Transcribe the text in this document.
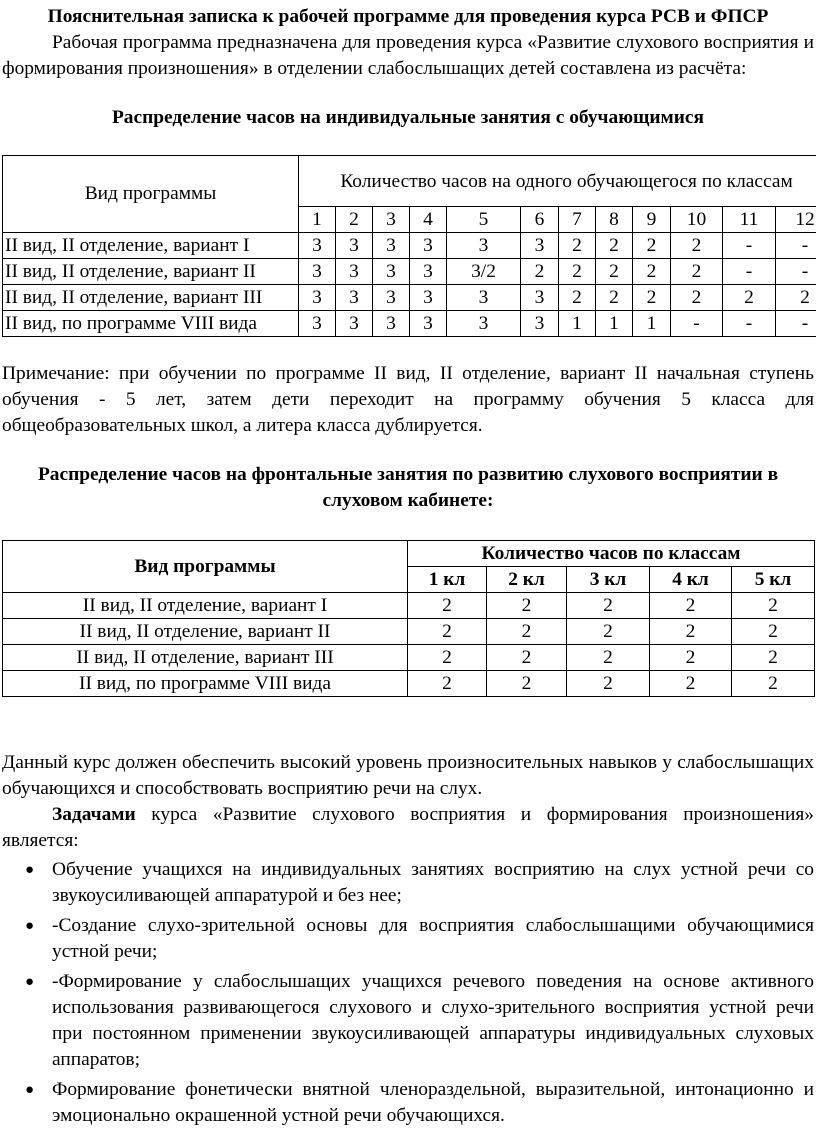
Пояснительная записка к рабочей программе для проведения курса РСВ и ФПСР

Рабочая программа предназначена для проведения курса «Развитие слухового восприятия и формирования произношения» в отделении слабослышащих детей составлена из расчёта:

Распределение часов на индивидуальные занятия с обучающимися

Вид программы	Количество часов на одного обучающегося по классам											
	1	2	3	4	5	6	7	8	9	10	11	12
II вид, II отделение, вариант I	3	3	3	3	3	3	2	2	2	2	-	-
II вид, II отделение, вариант II	3	3	3	3	3/2	2	2	2	2	2	-	-
II вид, II отделение, вариант III	3	3	3	3	3	3	2	2	2	2	2	2
II вид, по программе VIII вида	3	3	3	3	3	3	1	1	1	-	-	-

Примечание: при обучении по программе II вид, II отделение, вариант II начальная ступень обучения - 5 лет, затем дети переходит на программу обучения 5 класса для общеобразовательных школ, а литера класса дублируется.

Распределение часов на фронтальные занятия по развитию слухового восприятии в слуховом кабинете:

Вид программы	Количество часов по классам				
	1 кл	2 кл	3 кл	4 кл	5 кл
II вид, II отделение, вариант I	2	2	2	2	2
II вид, II отделение, вариант II	2	2	2	2	2
II вид, II отделение, вариант III	2	2	2	2	2
II вид, по программе VIII вида	2	2	2	2	2

Данный курс должен обеспечить высокий уровень произносительных навыков у слабослышащих обучающихся и способствовать восприятию речи на слух.

Задачами курса «Развитие слухового восприятия и формирования произношения» является:

● Обучение учащихся на индивидуальных занятиях восприятию на слух устной речи со звукоусиливающей аппаратурой и без нее;
● -Создание слухо-зрительной основы для восприятия слабослышащими обучающимися устной речи;
● -Формирование у слабослышащих учащихся речевого поведения на основе активного использования развивающегося слухового и слухо-зрительного восприятия устной речи при постоянном применении звукоусиливающей аппаратуры индивидуальных слуховых аппаратов;
● Формирование фонетически внятной членораздельной, выразительной, интонационно и эмоционально окрашенной устной речи обучающихся.
